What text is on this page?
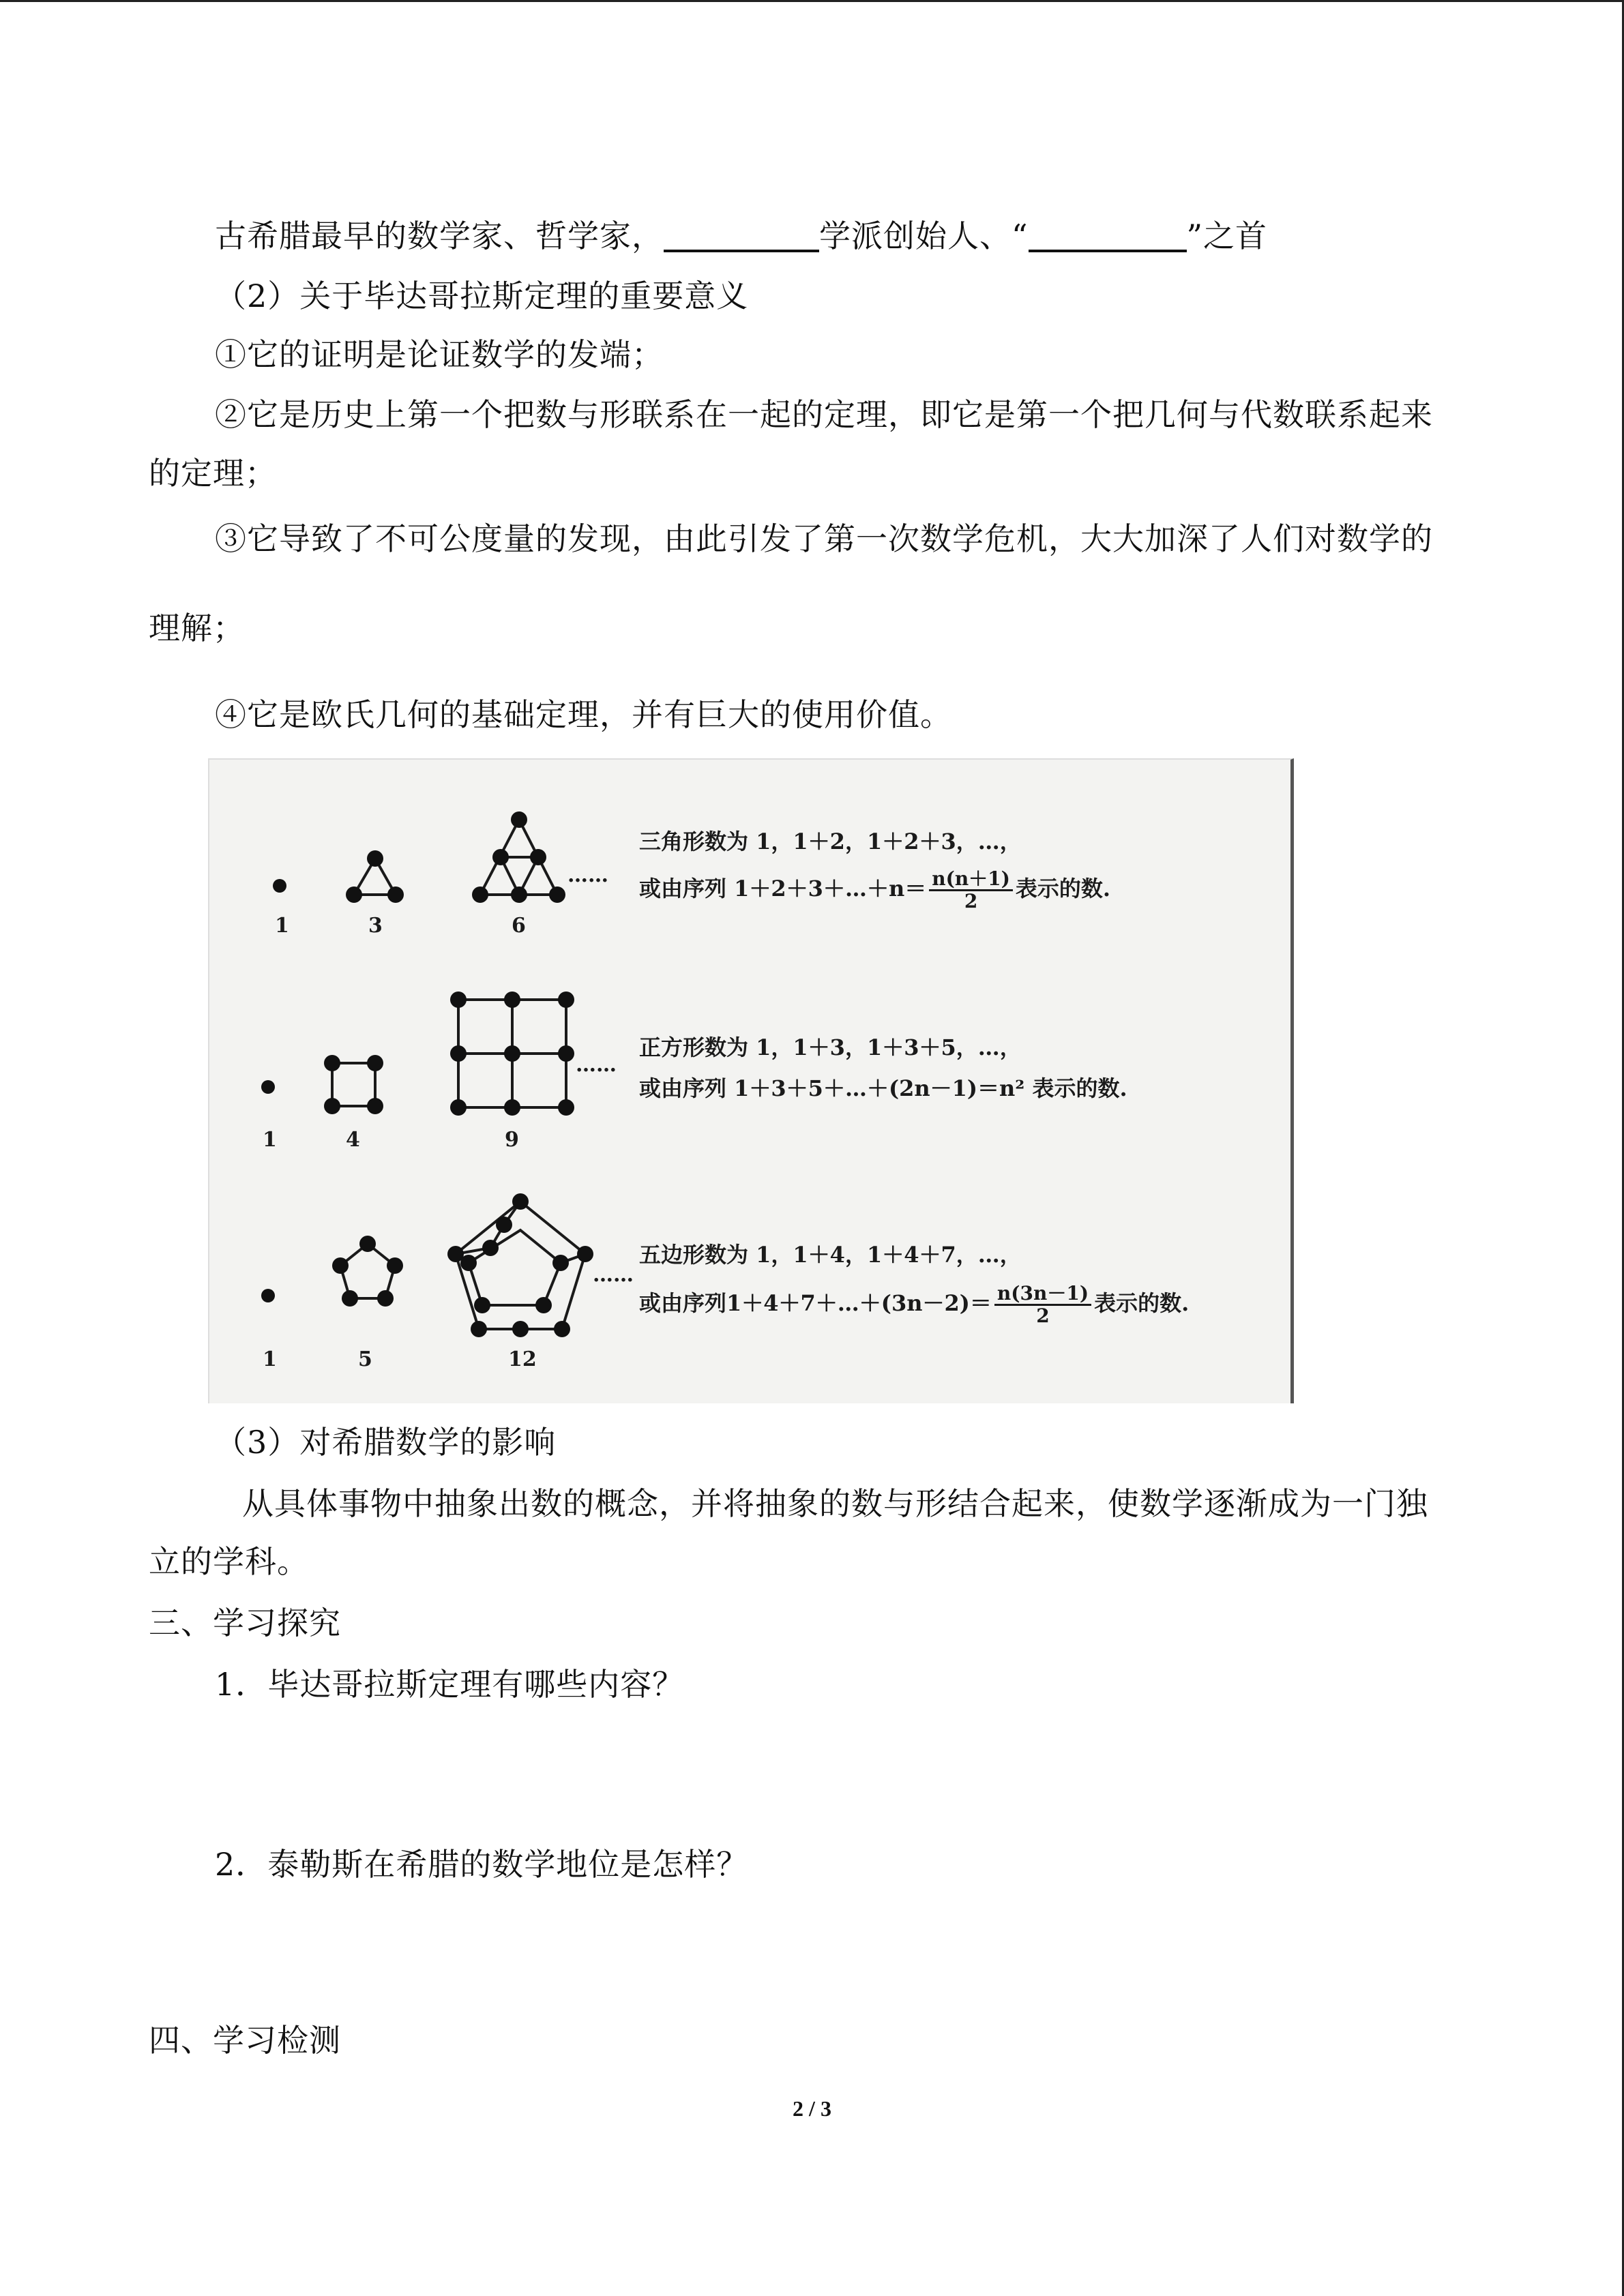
古希腊最早的数学家、哲学家，	学派创始人、“	”之首
（2）关于毕达哥拉斯定理的重要意义
①它的证明是论证数学的发端；
②它是历史上第一个把数与形联系在一起的定理，即它是第一个把几何与代数联系起来
的定理；
③它导致了不可公度量的发现，由此引发了第一次数学危机，大大加深了人们对数学的
理解；
④它是欧氏几何的基础定理，并有巨大的使用价值。
……
……
……
1	3	6
1	4	9
1	5	12
三角形数为 1，1＋2，1＋2＋3，…，
或由序列 1＋2＋3＋…＋n＝ $\frac{n(n+1)}{2}$ 表示的数.
正方形数为 1，1＋3，1＋3＋5，…，
或由序列 1＋3＋5＋…＋(2n－1)＝n² 表示的数.
五边形数为 1，1＋4，1＋4＋7，…，
或由序列1＋4＋7＋…＋(3n－2)＝ $\frac{n(3n-1)}{2}$ 表示的数.
（3）对希腊数学的影响
从具体事物中抽象出数的概念，并将抽象的数与形结合起来，使数学逐渐成为一门独
立的学科。
三、学习探究
1．毕达哥拉斯定理有哪些内容？
2．泰勒斯在希腊的数学地位是怎样？
四、学习检测
2 / 3
